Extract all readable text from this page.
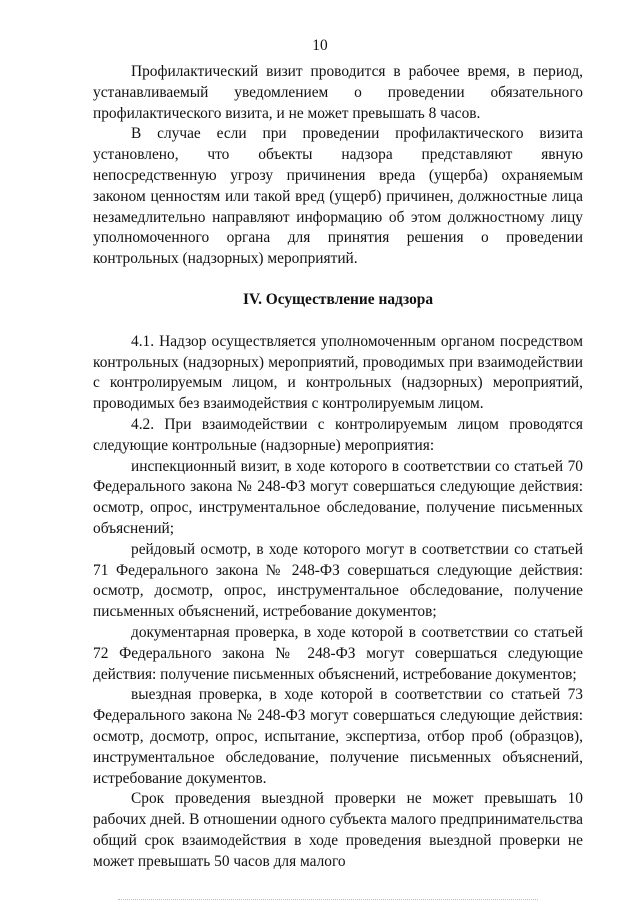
10

Профилактический визит проводится в рабочее время, в период, устанавливаемый уведомлением о проведении обязательного профилактического визита, и не может превышать 8 часов.

В случае если при проведении профилактического визита установлено, что объекты надзора представляют явную непосредственную угрозу причинения вреда (ущерба) охраняемым законом ценностям или такой вред (ущерб) причинен, должностные лица незамедлительно направляют информацию об этом должностному лицу уполномоченного органа для принятия решения о проведении контрольных (надзорных) мероприятий.

IV. Осуществление надзора

4.1. Надзор осуществляется уполномоченным органом посредством контрольных (надзорных) мероприятий, проводимых при взаимодействии с контролируемым лицом, и контрольных (надзорных) мероприятий, проводимых без взаимодействия с контролируемым лицом.

4.2. При взаимодействии с контролируемым лицом проводятся следующие контрольные (надзорные) мероприятия:

инспекционный визит, в ходе которого в соответствии со статьей 70 Федерального закона № 248-ФЗ могут совершаться следующие действия: осмотр, опрос, инструментальное обследование, получение письменных объяснений;

рейдовый осмотр, в ходе которого могут в соответствии со статьей 71 Федерального закона № 248-ФЗ совершаться следующие действия: осмотр, досмотр, опрос, инструментальное обследование, получение письменных объяснений, истребование документов;

документарная проверка, в ходе которой в соответствии со статьей 72 Федерального закона № 248-ФЗ могут совершаться следующие действия: получение письменных объяснений, истребование документов;

выездная проверка, в ходе которой в соответствии со статьей 73 Федерального закона № 248-ФЗ могут совершаться следующие действия: осмотр, досмотр, опрос, испытание, экспертиза, отбор проб (образцов), инструментальное обследование, получение письменных объяснений, истребование документов.

Срок проведения выездной проверки не может превышать 10 рабочих дней. В отношении одного субъекта малого предпринимательства общий срок взаимодействия в ходе проведения выездной проверки не может превышать 50 часов для малого
